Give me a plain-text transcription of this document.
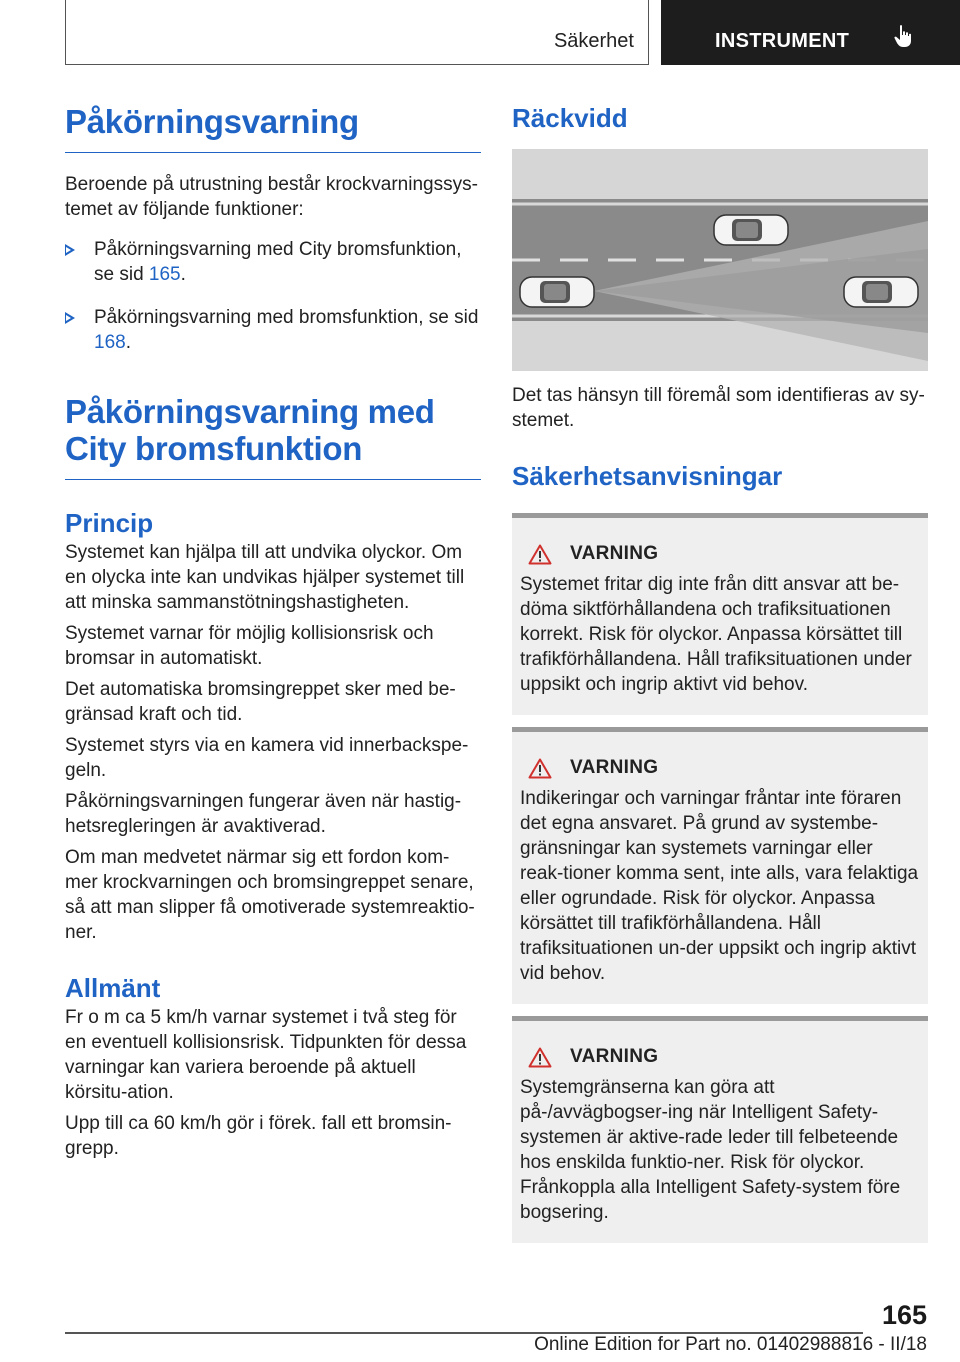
Säkerhet	INSTRUMENT
Påkörningsvarning

Beroende på utrustning består krockvarningssys-temet av följande funktioner:

Påkörningsvarning med City bromsfunktion, se sid 165.
Påkörningsvarning med bromsfunktion, se sid 168.
Påkörningsvarning med City bromsfunktion
Princip

Systemet kan hjälpa till att undvika olyckor. Om en olycka inte kan undvikas hjälper systemet till att minska sammanstötningshastigheten.

Systemet varnar för möjlig kollisionsrisk och bromsar in automatiskt.

Det automatiska bromsingreppet sker med be-gränsad kraft och tid.

Systemet styrs via en kamera vid innerbackspe-geln.

Påkörningsvarningen fungerar även när hastig-hetsregleringen är avaktiverad.

Om man medvetet närmar sig ett fordon kom-mer krockvarningen och bromsingreppet senare, så att man slipper få omotiverade systemreaktio-ner.

Allmänt

Fr o m ca 5 km/h varnar systemet i två steg för en eventuell kollisionsrisk. Tidpunkten för dessa varningar kan variera beroende på aktuell körsitu-ation.

Upp till ca 60 km/h gör i förek. fall ett bromsin-grepp.

Räckvidd

Det tas hänsyn till föremål som identifieras av sy-stemet.

Säkerhetsanvisningar
VARNING

Systemet fritar dig inte från ditt ansvar att be-döma siktförhållandena och trafiksituationen korrekt. Risk för olyckor. Anpassa körsättet till trafikförhållandena. Håll trafiksituationen under uppsikt och ingrip aktivt vid behov.

VARNING

Indikeringar och varningar fråntar inte föraren det egna ansvaret. På grund av systembe-gränsningar kan systemets varningar eller reak-tioner komma sent, inte alls, vara felaktiga eller ogrundade. Risk för olyckor. Anpassa körsättet till trafikförhållandena. Håll trafiksituationen un-der uppsikt och ingrip aktivt vid behov.

VARNING

Systemgränserna kan göra att på-/avvägbogser-ing när Intelligent Safety-systemen är aktive-rade leder till felbeteende hos enskilda funktio-ner. Risk för olyckor. Frånkoppla alla Intelligent Safety-system före bogsering.

165
Online Edition for Part no. 01402988816 - II/18
